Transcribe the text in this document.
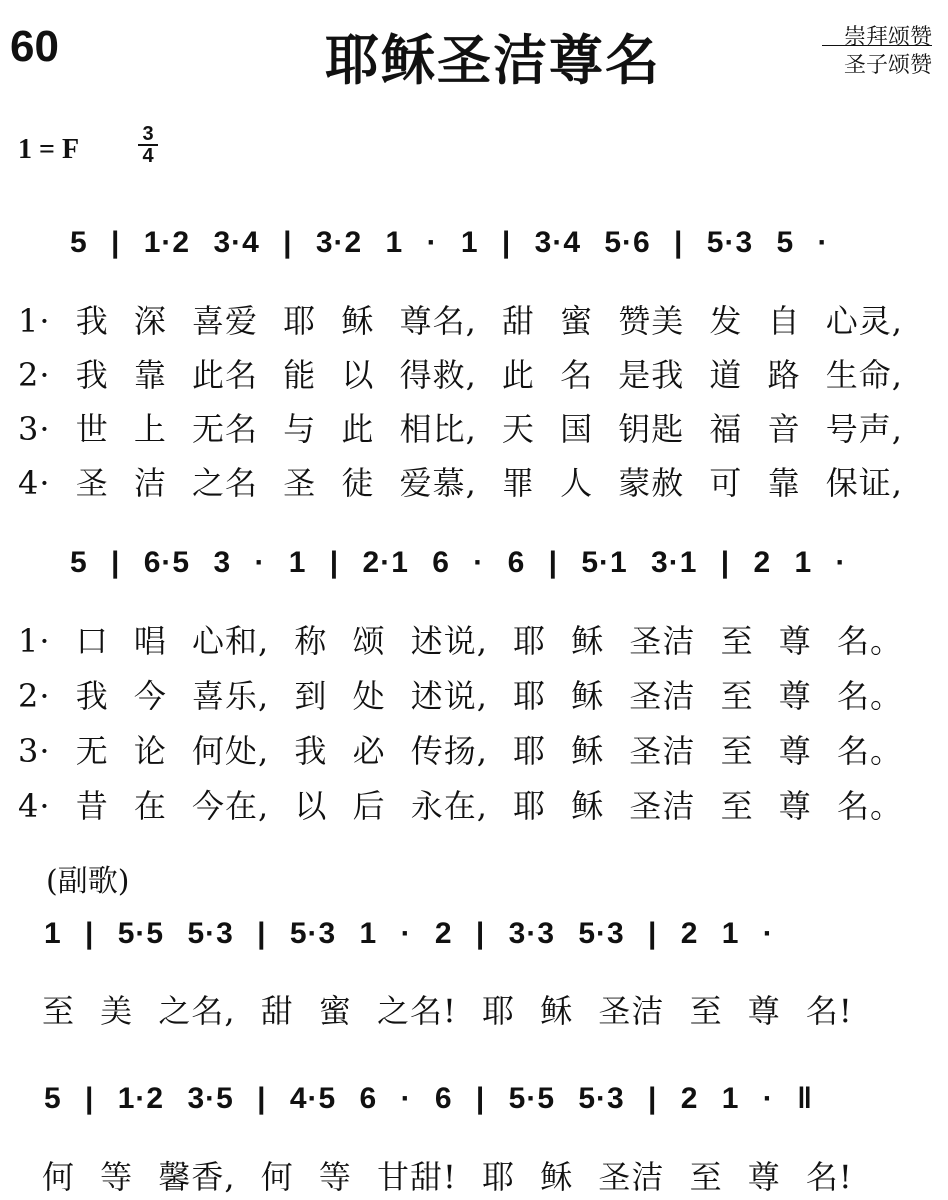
60	耶稣圣洁尊名	崇拜颂赞
圣子颂赞
1 = F	$\frac{3}{4}$
5 | 1·2 3·4 | 3·2 1 · 1 | 3·4 5·6 | 5·3 5 ·
1· 我 深 喜爱 耶 稣 尊名, 甜 蜜 赞美 发 自 心灵,
2· 我 靠 此名 能 以 得救, 此 名 是我 道 路 生命,
3· 世 上 无名 与 此 相比, 天 国 钥匙 福 音 号声,
4· 圣 洁 之名 圣 徒 爱慕, 罪 人 蒙赦 可 靠 保证,
5 | 6·5 3 · 1 | 2·1 6 · 6 | 5·1 3·1 | 2 1 ·
1· 口 唱 心和, 称 颂 述说, 耶 稣 圣洁 至 尊 名。
2· 我 今 喜乐, 到 处 述说, 耶 稣 圣洁 至 尊 名。
3· 无 论 何处, 我 必 传扬, 耶 稣 圣洁 至 尊 名。
4· 昔 在 今在, 以 后 永在, 耶 稣 圣洁 至 尊 名。
(副歌)
1 | 5·5 5·3 | 5·3 1 · 2 | 3·3 5·3 | 2 1 ·
至 美 之名, 甜 蜜 之名! 耶 稣 圣洁 至 尊 名!
5 | 1·2 3·5 | 4·5 6 · 6 | 5·5 5·3 | 2 1 · ‖
何 等 馨香, 何 等 甘甜! 耶 稣 圣洁 至 尊 名!
